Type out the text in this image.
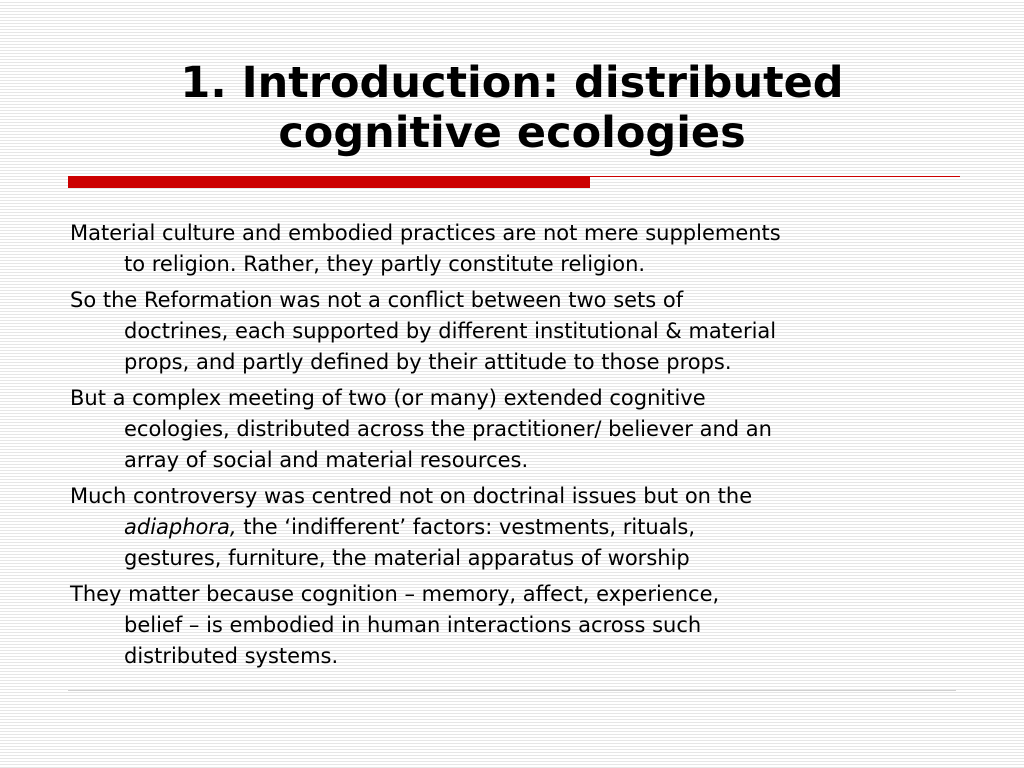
1. Introduction: distributed
cognitive ecologies

Material culture and embodied practices are not mere supplements
to religion. Rather, they partly constitute religion.

So the Reformation was not a conflict between two sets of
doctrines, each supported by different institutional & material
props, and partly defined by their attitude to those props.

But a complex meeting of two (or many) extended cognitive
ecologies, distributed across the practitioner/ believer and an
array of social and material resources.

Much controversy was centred not on doctrinal issues but on the
adiaphora, the ‘indifferent’ factors: vestments, rituals,
gestures, furniture, the material apparatus of worship

They matter because cognition – memory, affect, experience,
belief – is embodied in human interactions across such
distributed systems.
